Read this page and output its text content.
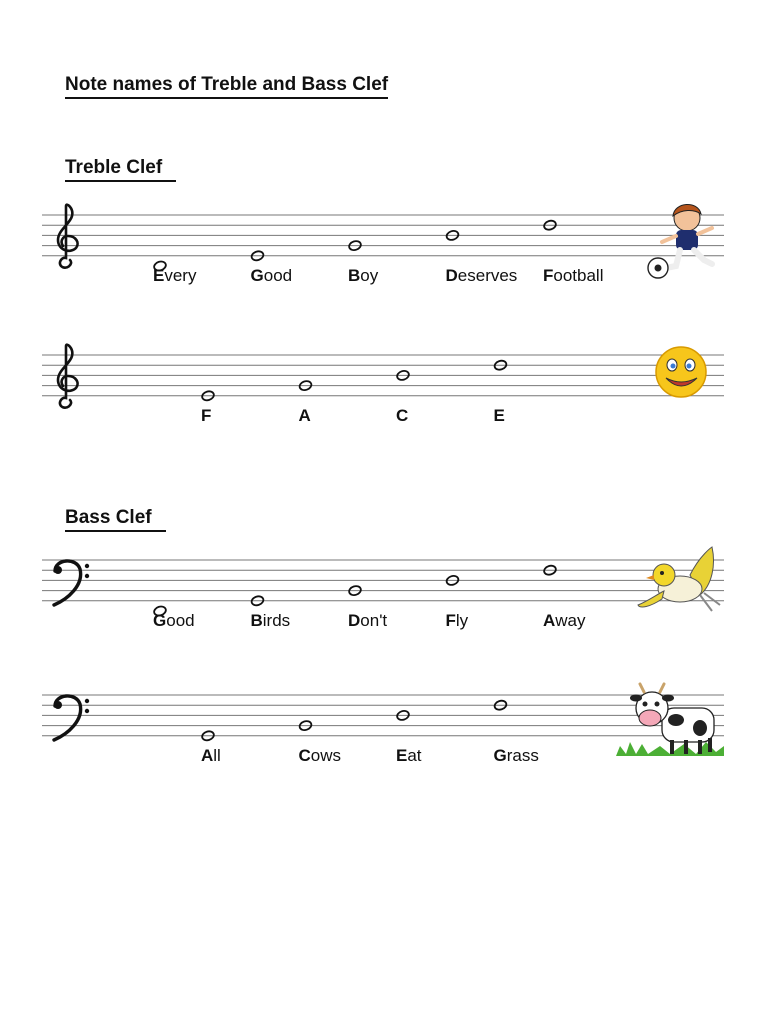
Note names of Treble and Bass Clef
Treble Clef
Every	Good	Boy	Deserves Football
F	A	C	E
Bass Clef
Good	Birds	Don't	Fly	Away
All	Cows	Eat	Grass
